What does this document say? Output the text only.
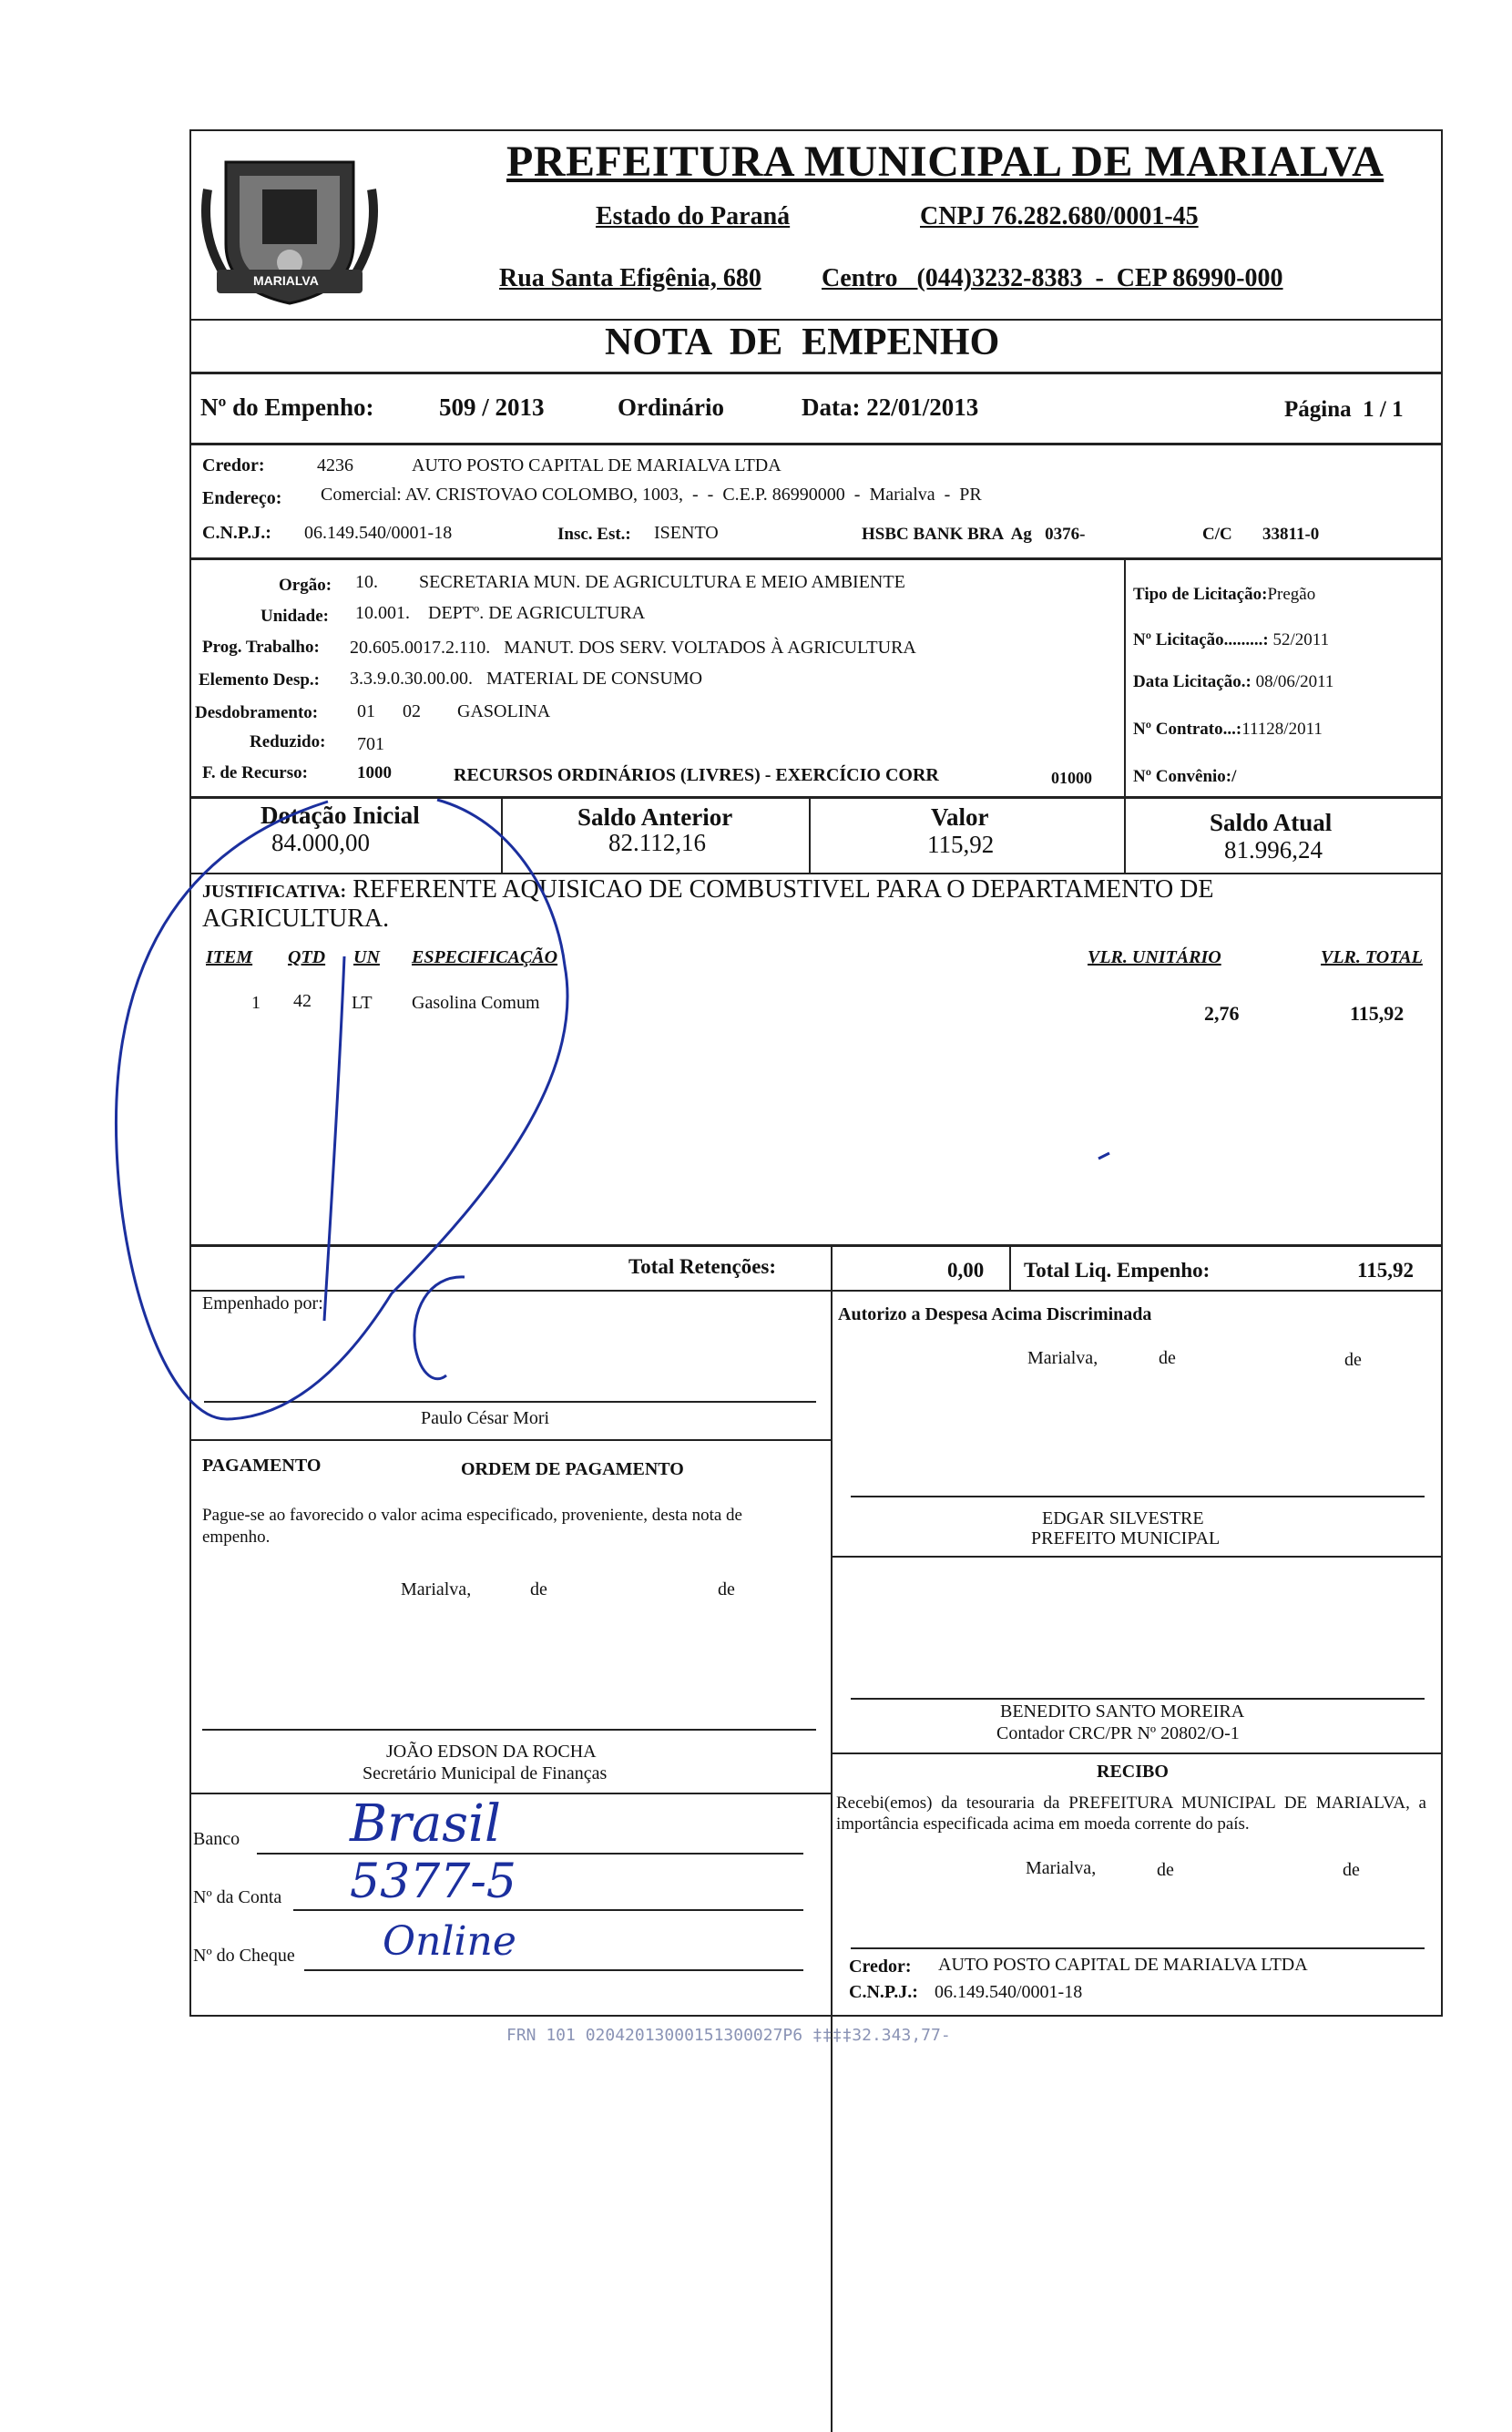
MARIALVA
PREFEITURA MUNICIPAL DE MARIALVA
Estado do Paraná	CNPJ 76.282.680/0001-45
Rua Santa Efigênia, 680 Centro   (044)3232-8383  -  CEP 86990-000
NOTA  DE  EMPENHO
Nº do Empenho:	509 / 2013	Ordinário	Data: 22/01/2013	Página  1 / 1
Credor:	4236	AUTO POSTO CAPITAL DE MARIALVA LTDA
Endereço: Comercial: AV. CRISTOVAO COLOMBO, 1003,  -  -  C.E.P. 86990000  -  Marialva  -  PR
C.N.P.J.: 06.149.540/0001-18	Insc. Est.: ISENTO	HSBC BANK BRA  Ag   0376-	C/C 33811-0
Orgão: 10.         SECRETARIA MUN. DE AGRICULTURA E MEIO AMBIENTE
Unidade: 10.001.    DEPTº. DE AGRICULTURA
Prog. Trabalho: 20.605.0017.2.110.   MANUT. DOS SERV. VOLTADOS À AGRICULTURA
Elemento Desp.: 3.3.9.0.30.00.00.   MATERIAL DE CONSUMO
Desdobramento: 01      02        GASOLINA
Reduzido: 701
F. de Recurso:	1000	RECURSOS ORDINÁRIOS (LIVRES) - EXERCÍCIO CORR	01000
Tipo de Licitação:Pregão
Nº Licitação.........: 52/2011
Data Licitação.: 08/06/2011
Nº Contrato...:11128/2011
Nº Convênio:/
Dotação Inicial
84.000,00
Saldo Anterior
82.112,16
Valor
115,92
Saldo Atual
81.996,24
JUSTIFICATIVA: REFERENTE AQUISICAO DE COMBUSTIVEL PARA O DEPARTAMENTO DE
AGRICULTURA.
ITEM QTD UN ESPECIFICAÇÃO	VLR. UNITÁRIO	VLR. TOTAL
1 42 LT Gasolina Comum	2,76	115,92
Total Retenções:	0,00 Total Liq. Empenho:	115,92
Empenhado por:
Paulo César Mori
Autorizo a Despesa Acima Discriminada
Marialva,	de	de
EDGAR SILVESTRE
PREFEITO MUNICIPAL
PAGAMENTO	ORDEM DE PAGAMENTO
Pague-se ao favorecido o valor acima especificado, proveniente, desta nota de empenho.
Marialva,	de	de
JOÃO EDSON DA ROCHA
Secretário Municipal de Finanças
BENEDITO SANTO MOREIRA
Contador CRC/PR Nº 20802/O-1
RECIBO
Recebi(emos) da tesouraria da PREFEITURA MUNICIPAL DE MARIALVA, a importância especificada acima em moeda corrente do país.
Marialva,	de	de
Credor: AUTO POSTO CAPITAL DE MARIALVA LTDA
C.N.P.J.: 06.149.540/0001-18
Banco Brasil
Nº da Conta 5377-5
Nº do Cheque Online
FRN 101 02042013000151300027P6 ‡‡‡‡32.343,77-
